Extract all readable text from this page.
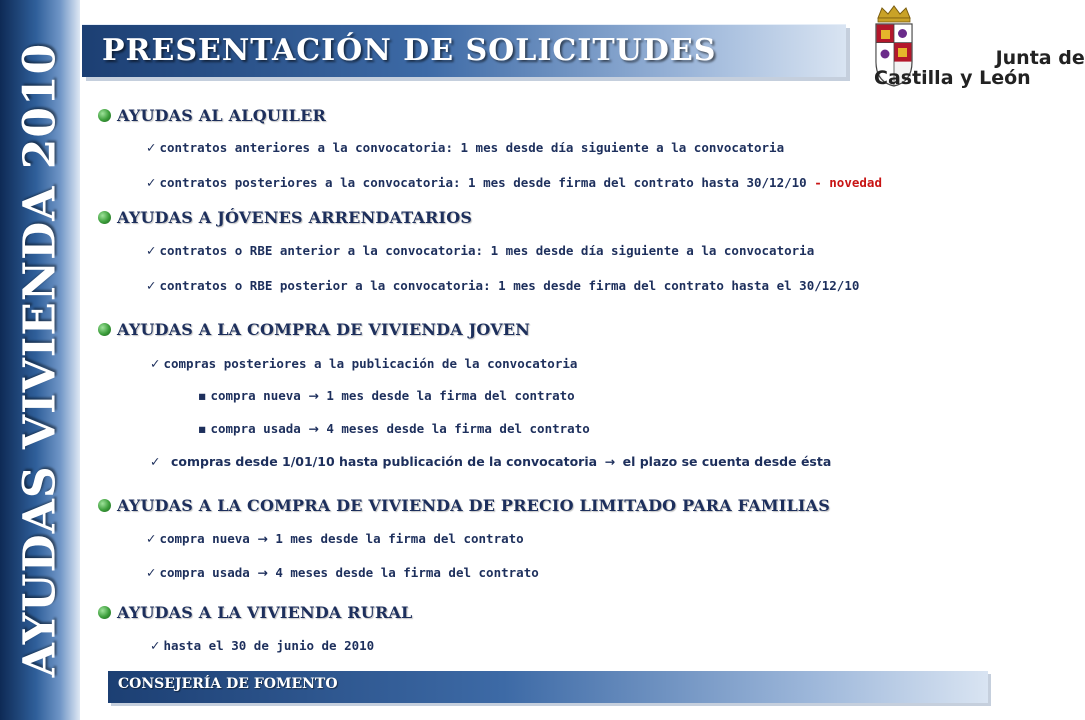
AYUDAS VIVIENDA 2010 PRESENTACIÓN DE SOLICITUDES	Junta de
Castilla y León
AYUDAS AL ALQUILER
✓ contratos anteriores a la convocatoria: 1 mes desde día siguiente a la convocatoria
✓ contratos posteriores a la convocatoria: 1 mes desde firma del contrato hasta 30/12/10 - novedad
AYUDAS A JÓVENES ARRENDATARIOS
✓ contratos o RBE anterior a la convocatoria: 1 mes desde día siguiente a la convocatoria
✓ contratos o RBE posterior a la convocatoria: 1 mes desde firma del contrato hasta el 30/12/10
AYUDAS A LA COMPRA DE VIVIENDA JOVEN
✓ compras posteriores a la publicación de la convocatoria
▪ compra nueva → 1 mes desde la firma del contrato
▪ compra usada → 4 meses desde la firma del contrato
✓ compras desde 1/01/10 hasta publicación de la convocatoria → el plazo se cuenta desde ésta
AYUDAS A LA COMPRA DE VIVIENDA DE PRECIO LIMITADO PARA FAMILIAS
✓ compra nueva → 1 mes desde la firma del contrato
✓ compra usada → 4 meses desde la firma del contrato
AYUDAS A LA VIVIENDA RURAL
✓ hasta el 30 de junio de 2010
CONSEJERÍA DE FOMENTO
